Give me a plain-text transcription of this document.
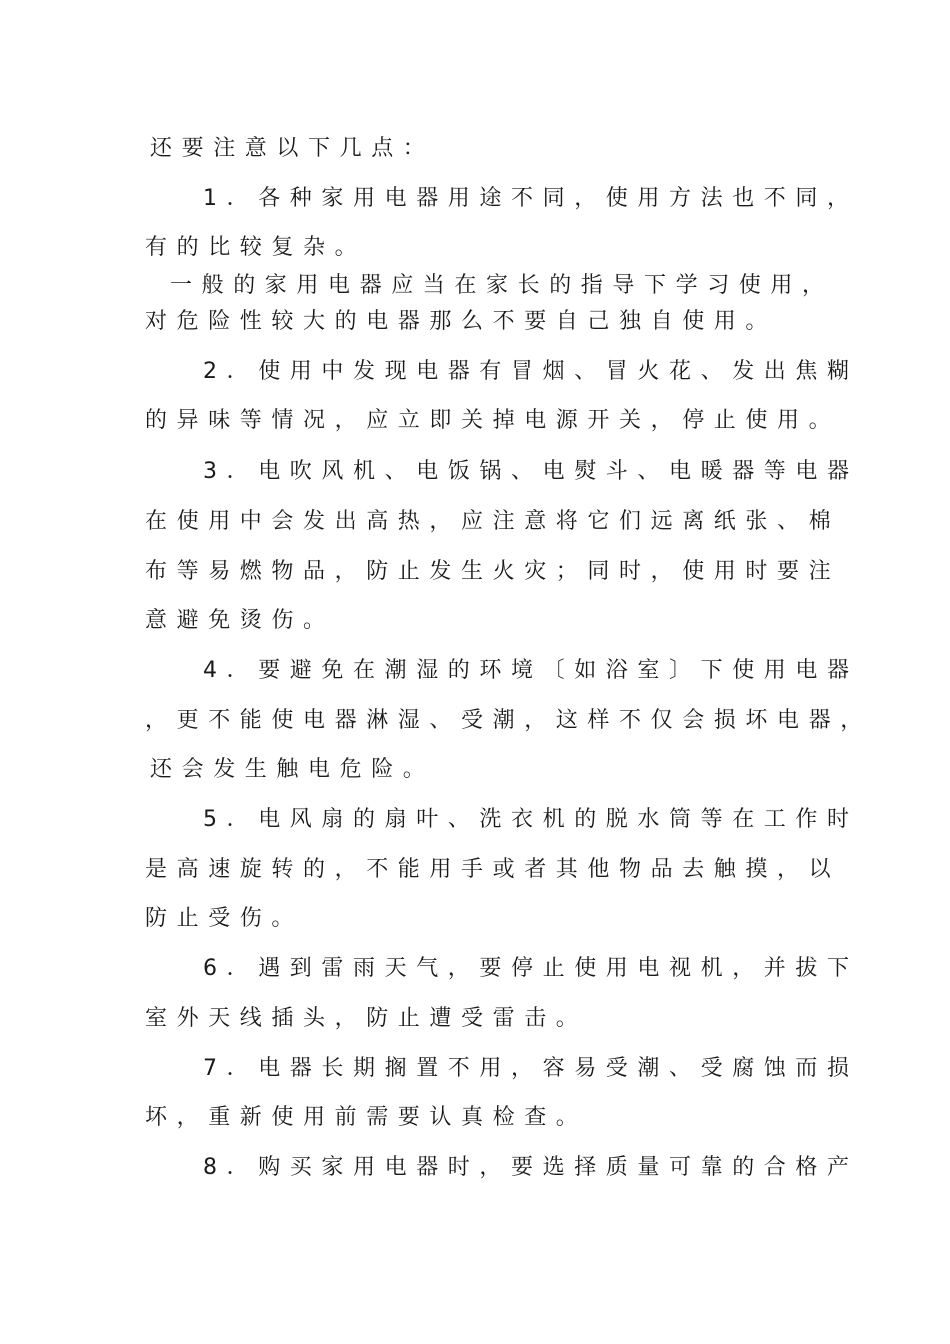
还要注意以下几点：
1．各种家用电器用途不同，使用方法也不同，
有的比较复杂。
一般的家用电器应当在家长的指导下学习使用，
对危险性较大的电器那么不要自己独自使用。
2．使用中发现电器有冒烟、冒火花、发出焦糊
的异味等情况，应立即关掉电源开关，停止使用。
3．电吹风机、电饭锅、电熨斗、电暖器等电器
在使用中会发出高热，应注意将它们远离纸张、棉
布等易燃物品，防止发生火灾；同时，使用时要注
意避免烫伤。
4．要避免在潮湿的环境〔如浴室〕下使用电器
，更不能使电器淋湿、受潮，这样不仅会损坏电器，
还会发生触电危险。
5．电风扇的扇叶、洗衣机的脱水筒等在工作时
是高速旋转的，不能用手或者其他物品去触摸，以
防止受伤。
6．遇到雷雨天气，要停止使用电视机，并拔下
室外天线插头，防止遭受雷击。
7．电器长期搁置不用，容易受潮、受腐蚀而损
坏，重新使用前需要认真检查。
8．购买家用电器时，要选择质量可靠的合格产
